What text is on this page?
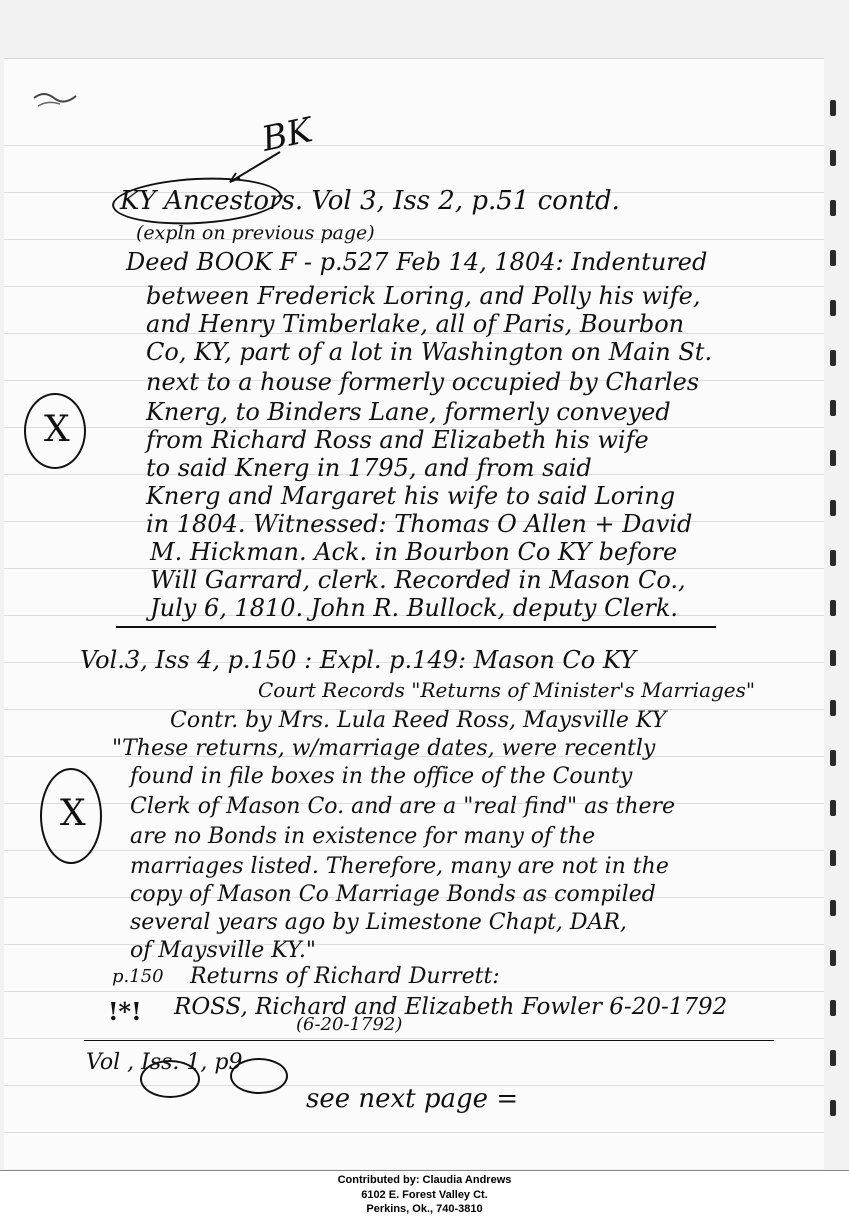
BK
KY Ancestors. Vol 3, Iss 2, p.51 contd.
(expln on previous page)
X
Deed BOOK F - p.527 Feb 14, 1804: Indentured
between Frederick Loring, and Polly his wife,
and Henry Timberlake, all of Paris, Bourbon
Co, KY, part of a lot in Washington on Main St.
next to a house formerly occupied by Charles
Knerg, to Binders Lane, formerly conveyed
from Richard Ross and Elizabeth his wife
to said Knerg in 1795, and from said
Knerg and Margaret his wife to said Loring
in 1804. Witnessed: Thomas O Allen + David
M. Hickman. Ack. in Bourbon Co KY before
Will Garrard, clerk. Recorded in Mason Co.,
July 6, 1810. John R. Bullock, deputy Clerk.
X
Vol.3, Iss 4, p.150 : Expl. p.149: Mason Co KY
Court Records "Returns of Minister's Marriages"
Contr. by Mrs. Lula Reed Ross, Maysville KY
"These returns, w/marriage dates, were recently
found in file boxes in the office of the County
Clerk of Mason Co. and are a "real find" as there
are no Bonds in existence for many of the
marriages listed. Therefore, many are not in the
copy of Mason Co Marriage Bonds as compiled
several years ago by Limestone Chapt, DAR,
of Maysville KY."
p.150 Returns of Richard Durrett:
!*! ROSS, Richard and Elizabeth Fowler 6-20-1792
(6-20-1792)
Vol , Iss. 1, p9
see next page =
Contributed by: Claudia Andrews
6102 E. Forest Valley Ct.
Perkins, Ok., 740-3810
